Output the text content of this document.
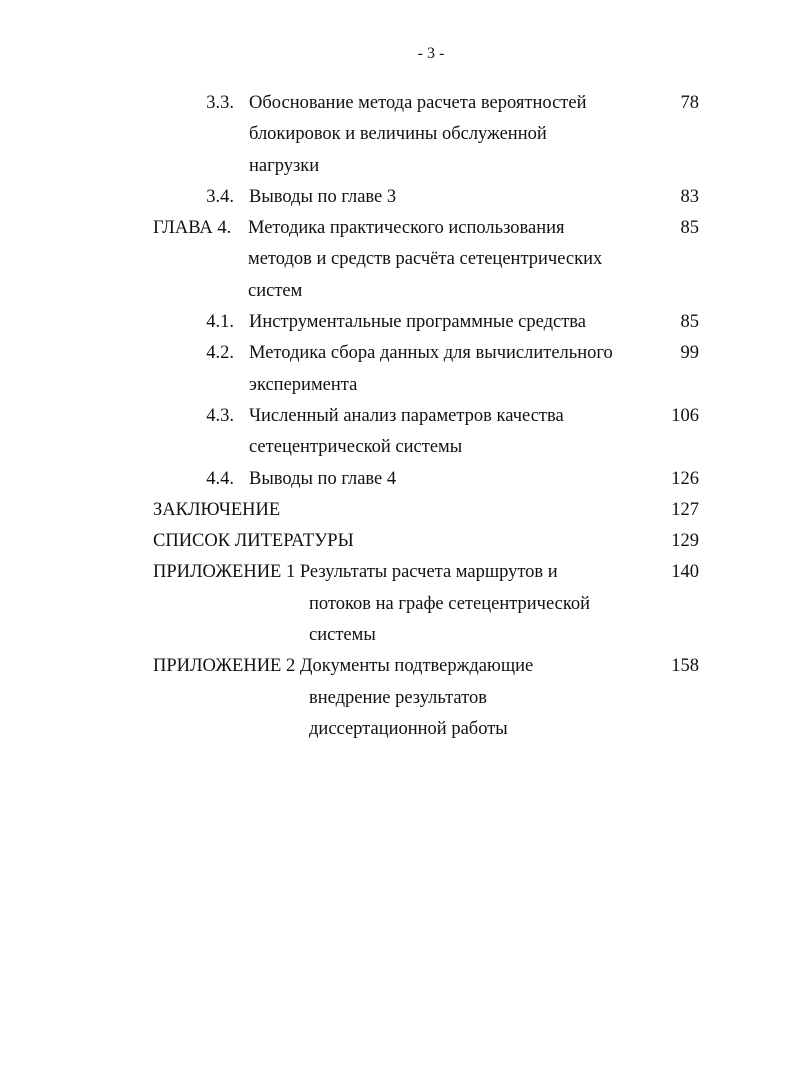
- 3 -
3.3. Обоснование метода расчета вероятностей	78
блокировок и величины обслуженной
нагрузки
3.4. Выводы по главе 3	83
ГЛАВА 4. Методика практического использования	85
методов и средств расчёта сетецентрических
систем
4.1. Инструментальные программные средства	85
4.2. Методика сбора данных для вычислительного	99
эксперимента
4.3. Численный анализ параметров качества	106
сетецентрической системы
4.4. Выводы по главе 4	126
ЗАКЛЮЧЕНИЕ	127
СПИСОК ЛИТЕРАТУРЫ	129
ПРИЛОЖЕНИЕ 1 Результаты расчета маршрутов и	140
потоков на графе сетецентрической
системы
ПРИЛОЖЕНИЕ 2 Документы подтверждающие	158
внедрение результатов
диссертационной работы
